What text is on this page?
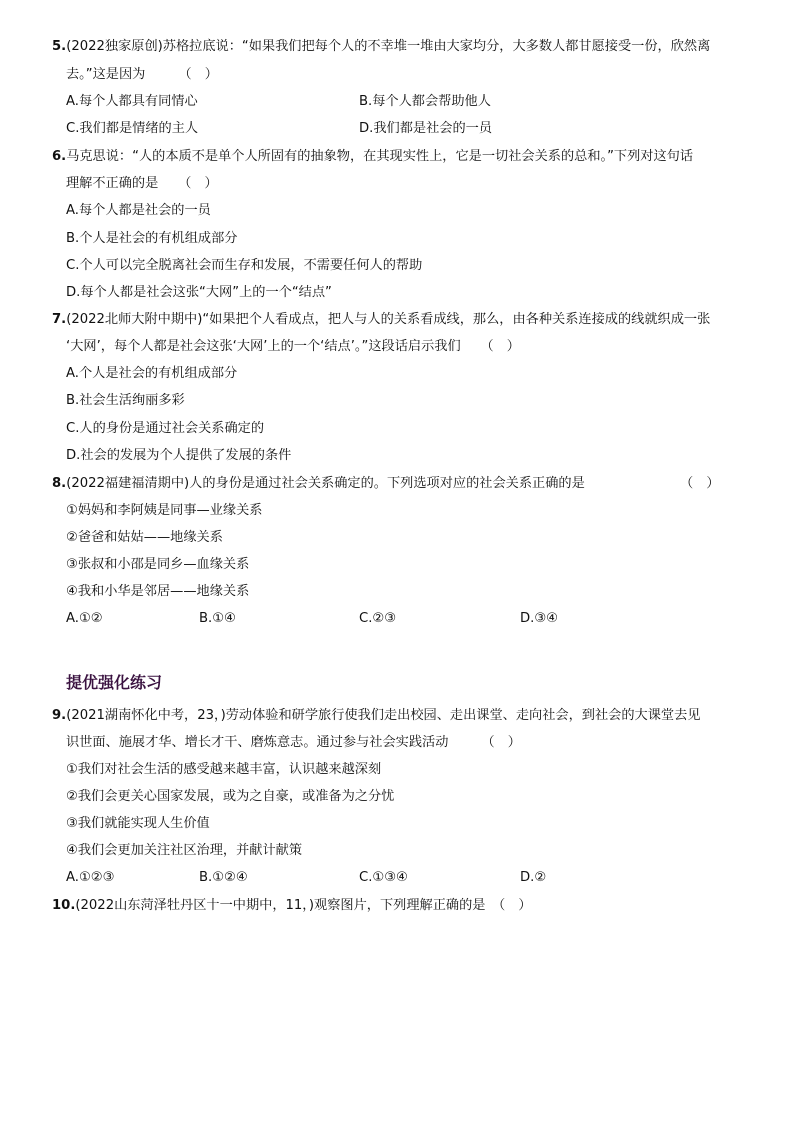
5.(2022独家原创)苏格拉底说：“如果我们把每个人的不幸堆一堆由大家均分，大多数人都甘愿接受一份，欣然离
去。”这是因为　　　（　）
A.每个人都具有同情心	B.每个人都会帮助他人
C.我们都是情绪的主人	D.我们都是社会的一员
6.马克思说：“人的本质不是单个人所固有的抽象物，在其现实性上，它是一切社会关系的总和。”下列对这句话
理解不正确的是　　（　）
A.每个人都是社会的一员
B.个人是社会的有机组成部分
C.个人可以完全脱离社会而生存和发展，不需要任何人的帮助
D.每个人都是社会这张“大网”上的一个“结点”
7.(2022北师大附中期中)“如果把个人看成点，把人与人的关系看成线，那么，由各种关系连接成的线就织成一张
‘大网’，每个人都是社会这张‘大网’上的一个‘结点’。”这段话启示我们　　（　）
A.个人是社会的有机组成部分
B.社会生活绚丽多彩
C.人的身份是通过社会关系确定的
D.社会的发展为个人提供了发展的条件
8.(2022福建福清期中)人的身份是通过社会关系确定的。下列选项对应的社会关系正确的是	（　）
①妈妈和李阿姨是同事—业缘关系
②爸爸和姑姑——地缘关系
③张叔和小邵是同乡—血缘关系
④我和小华是邻居——地缘关系
A.①②	B.①④	C.②③	D.③④
提优强化练习
9.(2021湖南怀化中考，23，)劳动体验和研学旅行使我们走出校园、走出课堂、走向社会，到社会的大课堂去见
识世面、施展才华、增长才干、磨炼意志。通过参与社会实践活动　　　（　）
①我们对社会生活的感受越来越丰富，认识越来越深刻
②我们会更关心国家发展，或为之自豪，或准备为之分忧
③我们就能实现人生价值
④我们会更加关注社区治理，并献计献策
A.①②③	B.①②④	C.①③④	D.②
10.(2022山东菏泽牡丹区十一中期中，11，)观察图片，下列理解正确的是　（　）
